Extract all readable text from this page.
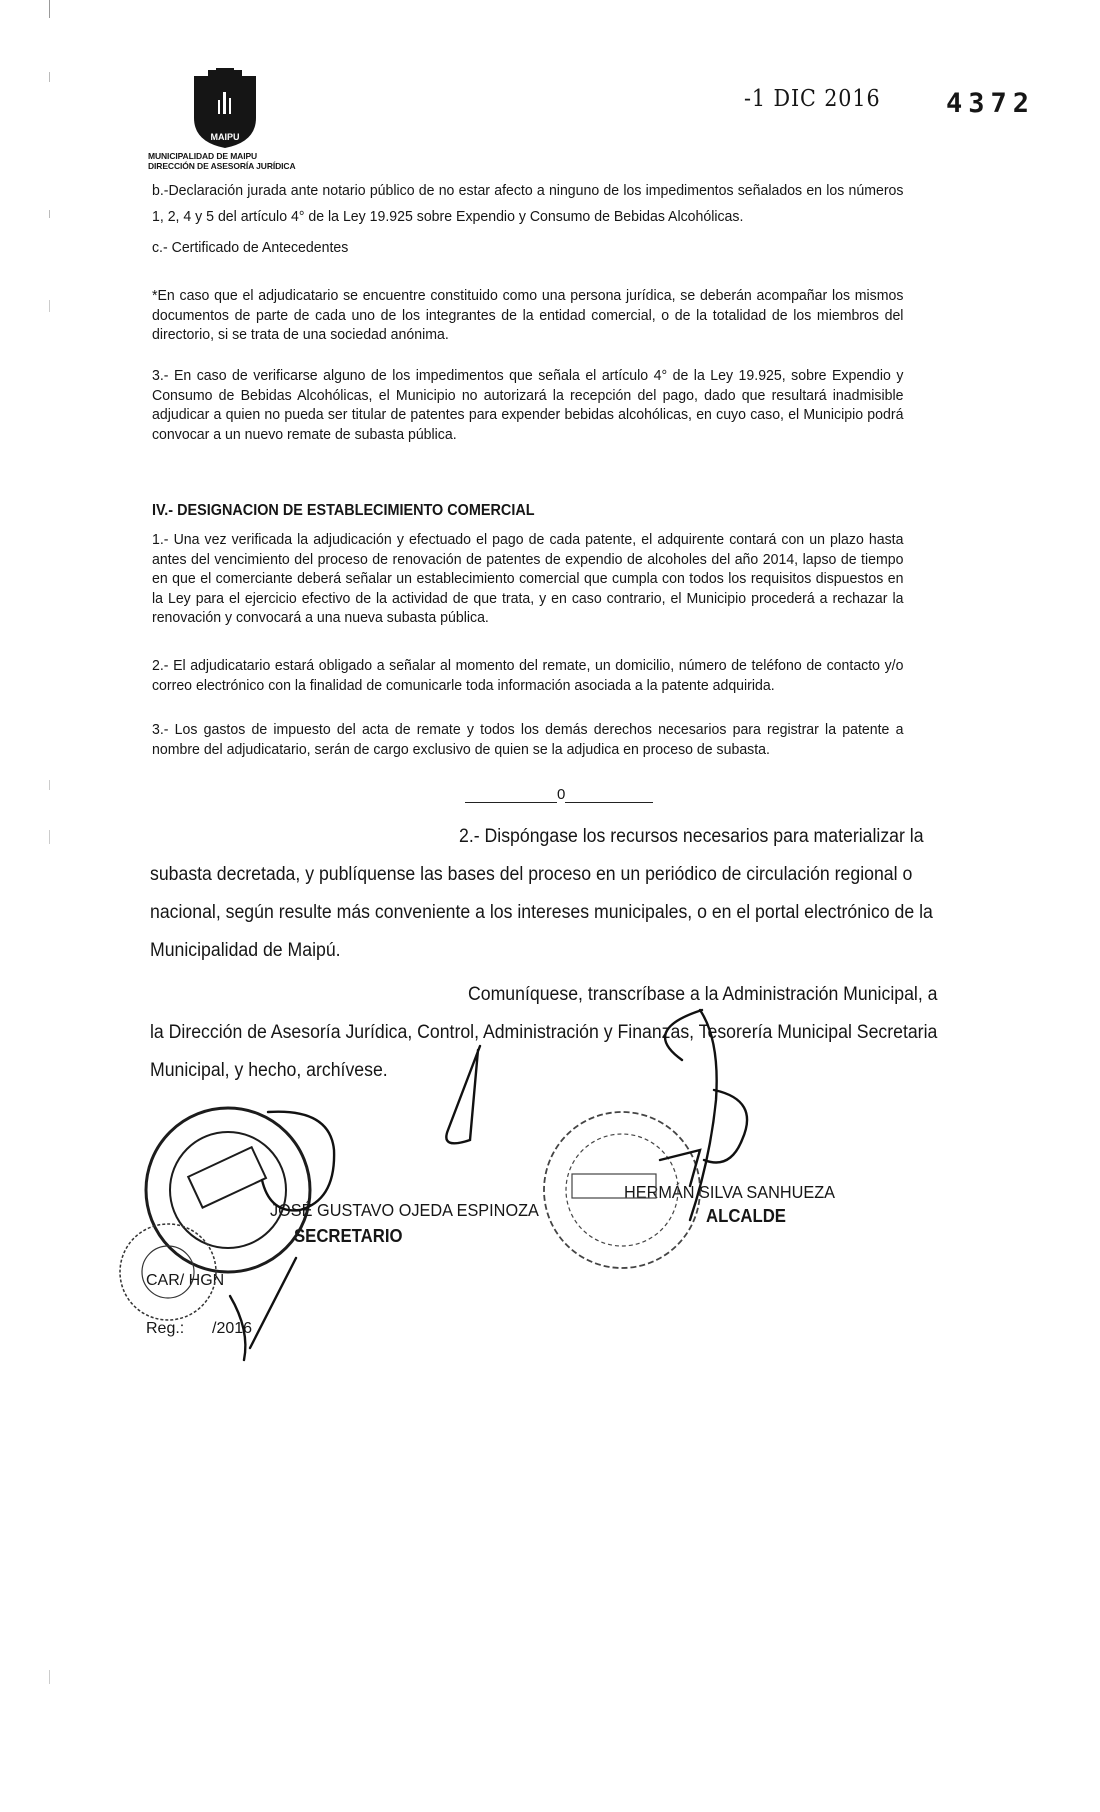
MAIPU
MUNICIPALIDAD DE MAIPU
DIRECCIÓN DE ASESORÍA JURÍDICA
-1 DIC 2016 4372
b.-Declaración jurada ante notario público de no estar afecto a ninguno de los impedimentos señalados en los números 1, 2, 4 y 5 del artículo 4° de la Ley 19.925 sobre Expendio y Consumo de Bebidas Alcohólicas.
c.- Certificado de Antecedentes
*En caso que el adjudicatario se encuentre constituido como una persona jurídica, se deberán acompañar los mismos documentos de parte de cada uno de los integrantes de la entidad comercial, o de la totalidad de los miembros del directorio, si se trata de una sociedad anónima.
3.- En caso de verificarse alguno de los impedimentos que señala el artículo 4° de la Ley 19.925, sobre Expendio y Consumo de Bebidas Alcohólicas, el Municipio no autorizará la recepción del pago, dado que resultará inadmisible adjudicar a quien no pueda ser titular de patentes para expender bebidas alcohólicas, en cuyo caso, el Municipio podrá convocar a un nuevo remate de subasta pública.
IV.- DESIGNACION DE ESTABLECIMIENTO COMERCIAL
1.- Una vez verificada la adjudicación y efectuado el pago de cada patente, el adquirente contará con un plazo hasta antes del vencimiento del proceso de renovación de patentes de expendio de alcoholes del año 2014, lapso de tiempo en que el comerciante deberá señalar un establecimiento comercial que cumpla con todos los requisitos dispuestos en la Ley para el ejercicio efectivo de la actividad de que trata, y en caso contrario, el Municipio procederá a rechazar la renovación y convocará a una nueva subasta pública.
2.- El adjudicatario estará obligado a señalar al momento del remate, un domicilio, número de teléfono de contacto y/o correo electrónico con la finalidad de comunicarle toda información asociada a la patente adquirida.
3.- Los gastos de impuesto del acta de remate y todos los demás derechos necesarios para registrar la patente a nombre del adjudicatario, serán de cargo exclusivo de quien se la adjudica en proceso de subasta.
0
2.- Dispóngase los recursos necesarios para materializar la
subasta decretada, y publíquense las bases del proceso en un periódico de circulación regional o
nacional, según resulte más conveniente a los intereses municipales, o en el portal electrónico de la
Municipalidad de Maipú.
Comuníquese, transcríbase a la Administración Municipal, a
la Dirección de Asesoría Jurídica, Control, Administración y Finanzas, Tesorería Municipal Secretaria
Municipal, y hecho, archívese.
JOSÉ GUSTAVO OJEDA ESPINOZA
SECRETARIO
HERMÁN SILVA SANHUEZA
ALCALDE
CAR/ HGN
Reg.: /2016
